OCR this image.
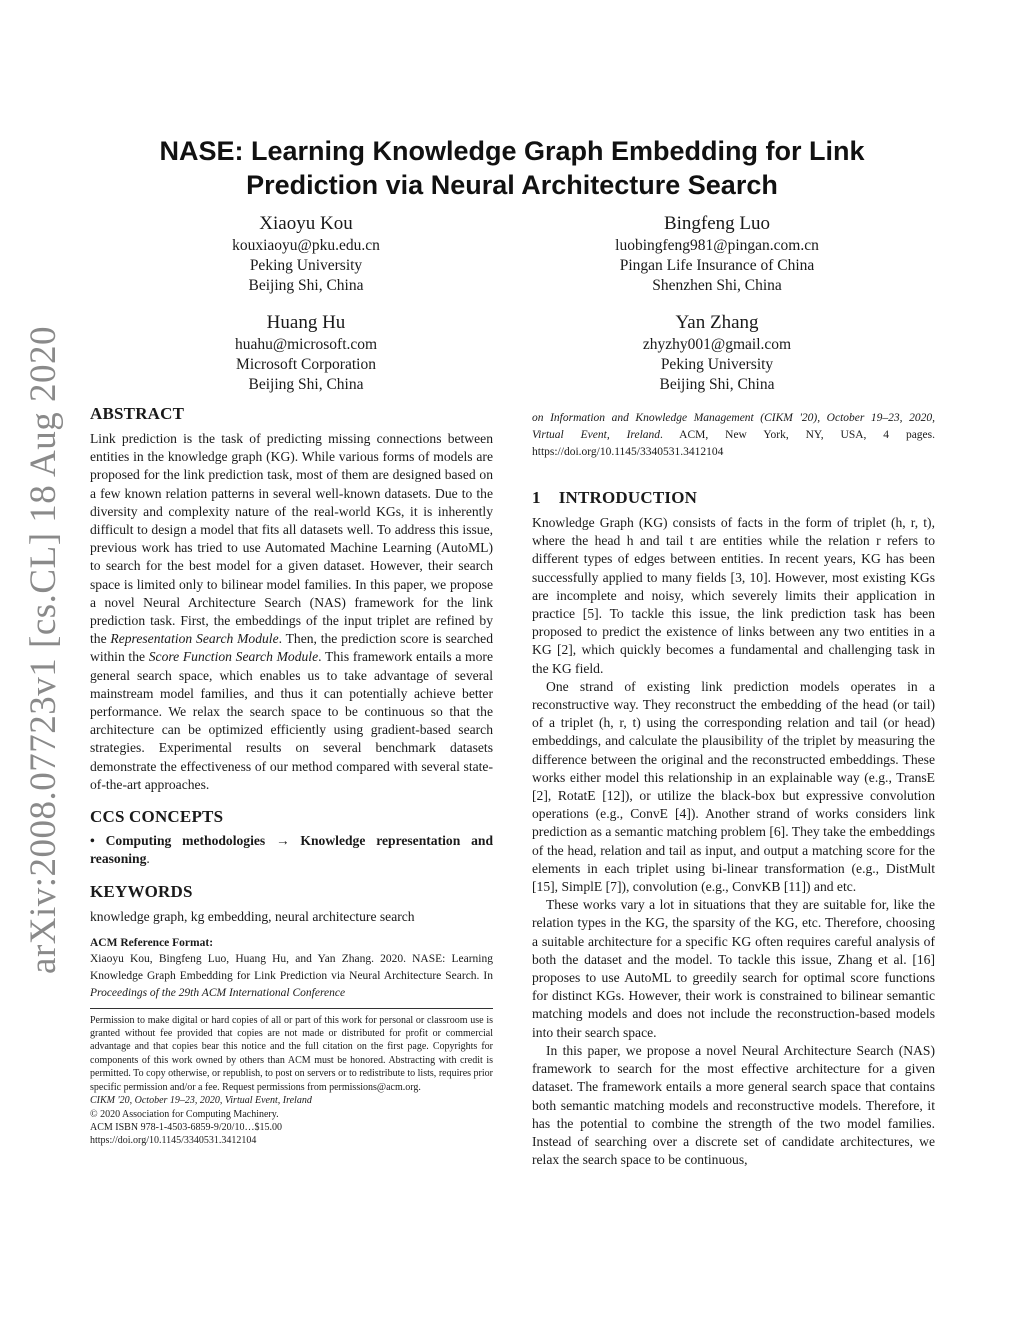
arXiv:2008.07723v1 [cs.CL] 18 Aug 2020
NASE: Learning Knowledge Graph Embedding for Link Prediction via Neural Architecture Search
Xiaoyu Kou
kouxiaoyu@pku.edu.cn
Peking University
Beijing Shi, China
Bingfeng Luo
luobingfeng981@pingan.com.cn
Pingan Life Insurance of China
Shenzhen Shi, China
Huang Hu
huahu@microsoft.com
Microsoft Corporation
Beijing Shi, China
Yan Zhang
zhyzhy001@gmail.com
Peking University
Beijing Shi, China
ABSTRACT

Link prediction is the task of predicting missing connections between entities in the knowledge graph (KG). While various forms of models are proposed for the link prediction task, most of them are designed based on a few known relation patterns in several well-known datasets. Due to the diversity and complexity nature of the real-world KGs, it is inherently difficult to design a model that fits all datasets well. To address this issue, previous work has tried to use Automated Machine Learning (AutoML) to search for the best model for a given dataset. However, their search space is limited only to bilinear model families. In this paper, we propose a novel Neural Architecture Search (NAS) framework for the link prediction task. First, the embeddings of the input triplet are refined by the Representation Search Module. Then, the prediction score is searched within the Score Function Search Module. This framework entails a more general search space, which enables us to take advantage of several mainstream model families, and thus it can potentially achieve better performance. We relax the search space to be continuous so that the architecture can be optimized efficiently using gradient-based search strategies. Experimental results on several benchmark datasets demonstrate the effectiveness of our method compared with several state-of-the-art approaches.

CCS CONCEPTS
• Computing methodologies → Knowledge representation and reasoning.
KEYWORDS

knowledge graph, kg embedding, neural architecture search

ACM Reference Format:
Xiaoyu Kou, Bingfeng Luo, Huang Hu, and Yan Zhang. 2020. NASE: Learning Knowledge Graph Embedding for Link Prediction via Neural Architecture Search. In Proceedings of the 29th ACM International Conference
Permission to make digital or hard copies of all or part of this work for personal or classroom use is granted without fee provided that copies are not made or distributed for profit or commercial advantage and that copies bear this notice and the full citation on the first page. Copyrights for components of this work owned by others than ACM must be honored. Abstracting with credit is permitted. To copy otherwise, or republish, to post on servers or to redistribute to lists, requires prior specific permission and/or a fee. Request permissions from permissions@acm.org.
CIKM '20, October 19–23, 2020, Virtual Event, Ireland
© 2020 Association for Computing Machinery.
ACM ISBN 978-1-4503-6859-9/20/10…$15.00
https://doi.org/10.1145/3340531.3412104
on Information and Knowledge Management (CIKM '20), October 19–23, 2020, Virtual Event, Ireland. ACM, New York, NY, USA, 4 pages. https://doi.org/10.1145/3340531.3412104
1 INTRODUCTION

Knowledge Graph (KG) consists of facts in the form of triplet (h, r, t), where the head h and tail t are entities while the relation r refers to different types of edges between entities. In recent years, KG has been successfully applied to many fields [3, 10]. However, most existing KGs are incomplete and noisy, which severely limits their application in practice [5]. To tackle this issue, the link prediction task has been proposed to predict the existence of links between any two entities in a KG [2], which quickly becomes a fundamental and challenging task in the KG field.

One strand of existing link prediction models operates in a reconstructive way. They reconstruct the embedding of the head (or tail) of a triplet (h, r, t) using the corresponding relation and tail (or head) embeddings, and calculate the plausibility of the triplet by measuring the difference between the original and the reconstructed embeddings. These works either model this relationship in an explainable way (e.g., TransE [2], RotatE [12]), or utilize the black-box but expressive convolution operations (e.g., ConvE [4]). Another strand of works considers link prediction as a semantic matching problem [6]. They take the embeddings of the head, relation and tail as input, and output a matching score for the elements in each triplet using bi-linear transformation (e.g., DistMult [15], SimplE [7]), convolution (e.g., ConvKB [11]) and etc.

These works vary a lot in situations that they are suitable for, like the relation types in the KG, the sparsity of the KG, etc. Therefore, choosing a suitable architecture for a specific KG often requires careful analysis of both the dataset and the model. To tackle this issue, Zhang et al. [16] proposes to use AutoML to greedily search for optimal score functions for distinct KGs. However, their work is constrained to bilinear semantic matching models and does not include the reconstruction-based models into their search space.

In this paper, we propose a novel Neural Architecture Search (NAS) framework to search for the most effective architecture for a given dataset. The framework entails a more general search space that contains both semantic matching models and reconstructive models. Therefore, it has the potential to combine the strength of the two model families. Instead of searching over a discrete set of candidate architectures, we relax the search space to be continuous,
